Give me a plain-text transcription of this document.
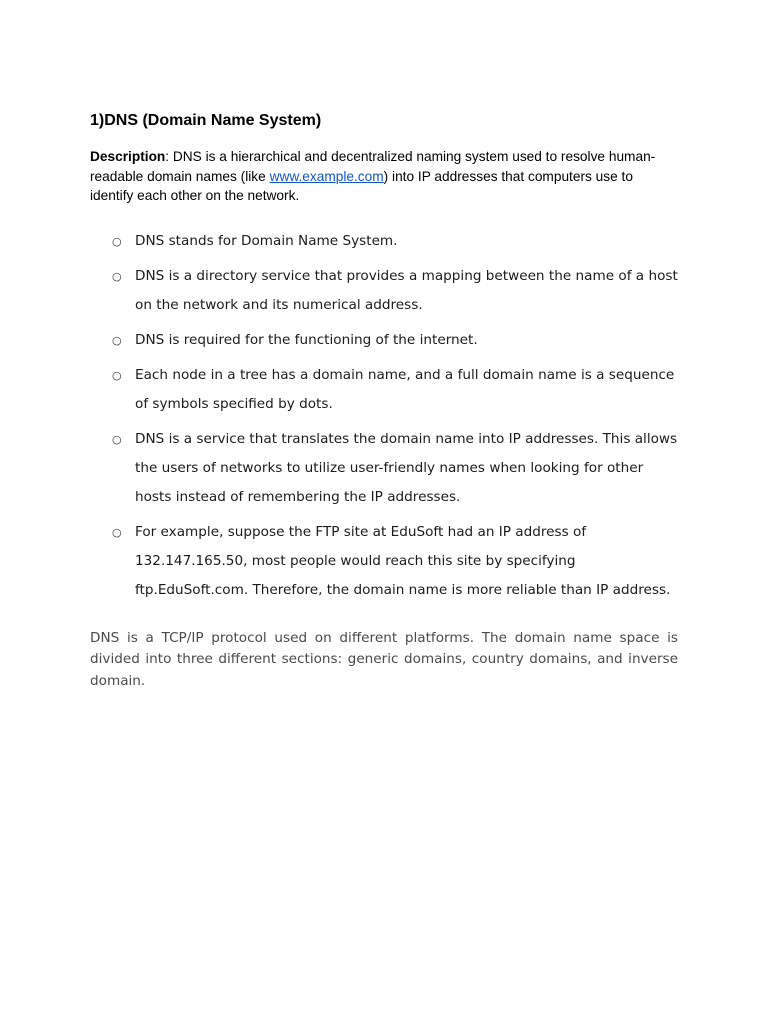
1)DNS (Domain Name System)

Description: DNS is a hierarchical and decentralized naming system used to resolve human-readable domain names (like www.example.com) into IP addresses that computers use to identify each other on the network.

○ DNS stands for Domain Name System.
○ DNS is a directory service that provides a mapping between the name of a host on the network and its numerical address.
○ DNS is required for the functioning of the internet.
○ Each node in a tree has a domain name, and a full domain name is a sequence of symbols specified by dots.
○ DNS is a service that translates the domain name into IP addresses. This allows the users of networks to utilize user-friendly names when looking for other hosts instead of remembering the IP addresses.
○ For example, suppose the FTP site at EduSoft had an IP address of 132.147.165.50, most people would reach this site by specifying ftp.EduSoft.com. Therefore, the domain name is more reliable than IP address.

DNS is a TCP/IP protocol used on different platforms. The domain name space is divided into three different sections: generic domains, country domains, and inverse domain.
